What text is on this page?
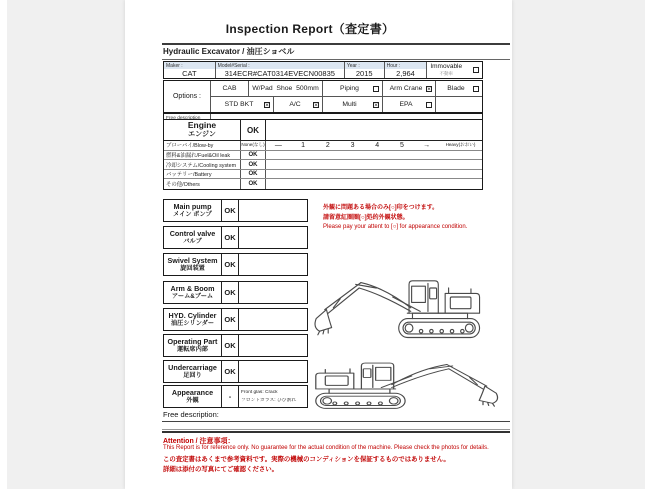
Inspection Report（査定書）
Hydraulic Excavator / 油圧ショベル
Maker :
CAT
Model#Serial :
314ECR#CAT0314EVECN00835
Year :
2015
Hour :
2,964
Immovable
不動車
Options :
CAB	W/Pad  Shoe  500mm	Piping	Arm Crane ×	Blade
STD BKT	×	A/C	×	Multi	×	EPA
Engine
エンジン	OK
ブローバイ/Blow-by	None(なし)	—	1	2	3	4	5	→	Heavy(おおい)
燃料&油漏れ/Fuel&Oil leak	OK
冷却システム/Cooling system	OK
バッテリー/Battery	OK
その他/Others	OK
Main pump
メイン ポンプ	OK
Control valve
バルブ	OK
Swivel System
旋回装置	OK
Arm & Boom
アーム&ブーム	OK
HYD. Cylinder
油圧シリンダー	OK
Operating Part
運転席内部	OK
Undercarriage
足回り	OK
Appearance
外観	-	Front glas: Crack
フロントガラス: ひび割れ
外観に問題ある場合のみ[○]印をつけます。
請留意紅圈圈[○]処的外観状態。
Please pay your attent to [○] for appearance condition.
Free description:
Attention / 注意事項：
This Report is for reference only. No guarantee for the actual condition of the machine. Please check the photos for details.
この査定書はあくまで参考資料です。実際の機械のコンディションを保証するものではありません。
詳細は添付の写真にてご確認ください。
